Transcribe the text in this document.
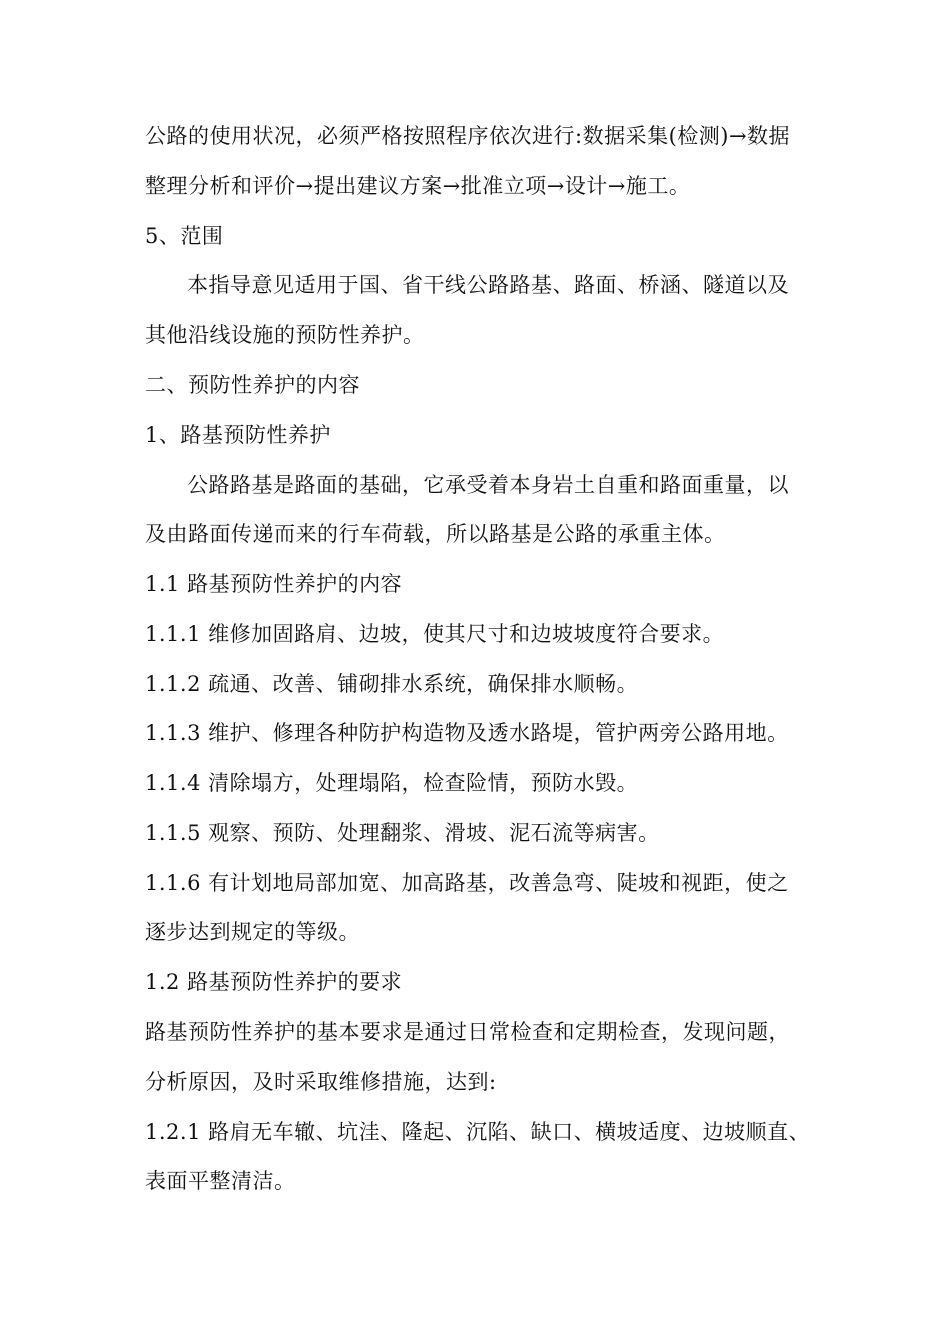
公路的使用状况，必须严格按照程序依次进行:数据采集(检测)→数据
整理分析和评价→提出建议方案→批准立项→设计→施工。
5、范围
本指导意见适用于国、省干线公路路基、路面、桥涵、隧道以及
其他沿线设施的预防性养护。
二、预防性养护的内容
1、路基预防性养护
公路路基是路面的基础，它承受着本身岩土自重和路面重量，以
及由路面传递而来的行车荷载，所以路基是公路的承重主体。
1.1 路基预防性养护的内容
1.1.1 维修加固路肩、边坡，使其尺寸和边坡坡度符合要求。
1.1.2 疏通、改善、铺砌排水系统，确保排水顺畅。
1.1.3 维护、修理各种防护构造物及透水路堤，管护两旁公路用地。
1.1.4 清除塌方，处理塌陷，检查险情，预防水毁。
1.1.5 观察、预防、处理翻浆、滑坡、泥石流等病害。
1.1.6 有计划地局部加宽、加高路基，改善急弯、陡坡和视距，使之
逐步达到规定的等级。
1.2 路基预防性养护的要求
路基预防性养护的基本要求是通过日常检查和定期检查，发现问题，
分析原因，及时采取维修措施，达到:
1.2.1 路肩无车辙、坑洼、隆起、沉陷、缺口、横坡适度、边坡顺直、
表面平整清洁。
